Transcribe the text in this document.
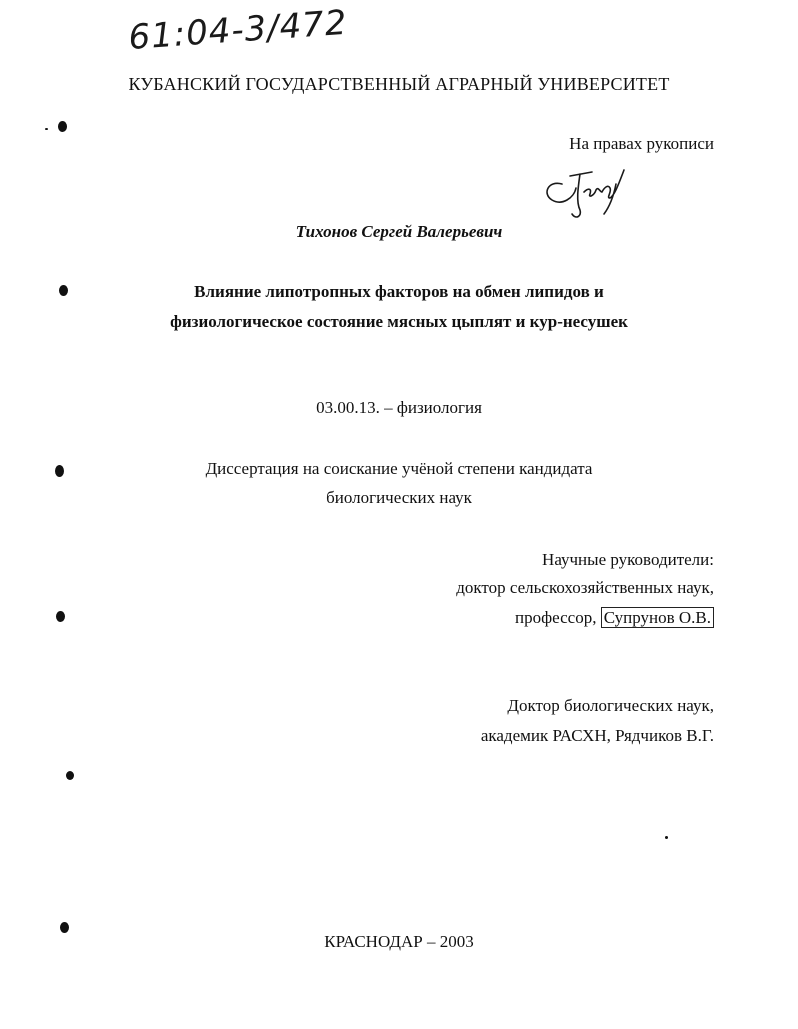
61:04-3/472
КУБАНСКИЙ ГОСУДАРСТВЕННЫЙ АГРАРНЫЙ УНИВЕРСИТЕТ
На правах рукописи
Тихонов Сергей Валерьевич
Влияние липотропных факторов на обмен липидов и
физиологическое состояние мясных цыплят и кур-несушек
03.00.13. – физиология
Диссертация на соискание учёной степени кандидата
биологических наук
Научные руководители:
доктор сельскохозяйственных наук,
профессор, Супрунов О.В.
Доктор биологических наук,
академик РАСХН, Рядчиков В.Г.
КРАСНОДАР – 2003
